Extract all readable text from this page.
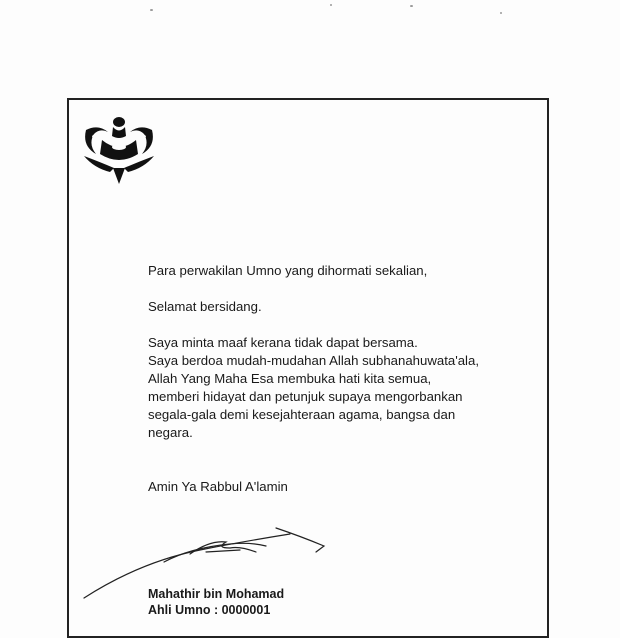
Para perwakilan Umno yang dihormati sekalian,

Selamat bersidang.

Saya minta maaf kerana tidak dapat bersama.

Saya berdoa mudah-mudahan Allah subhanahuwata'ala,

Allah Yang Maha Esa membuka hati kita semua,

memberi hidayat dan petunjuk supaya mengorbankan

segala-gala demi kesejahteraan agama, bangsa dan

negara.

Amin Ya Rabbul A'lamin

Mahathir bin Mohamad
Ahli Umno : 0000001
